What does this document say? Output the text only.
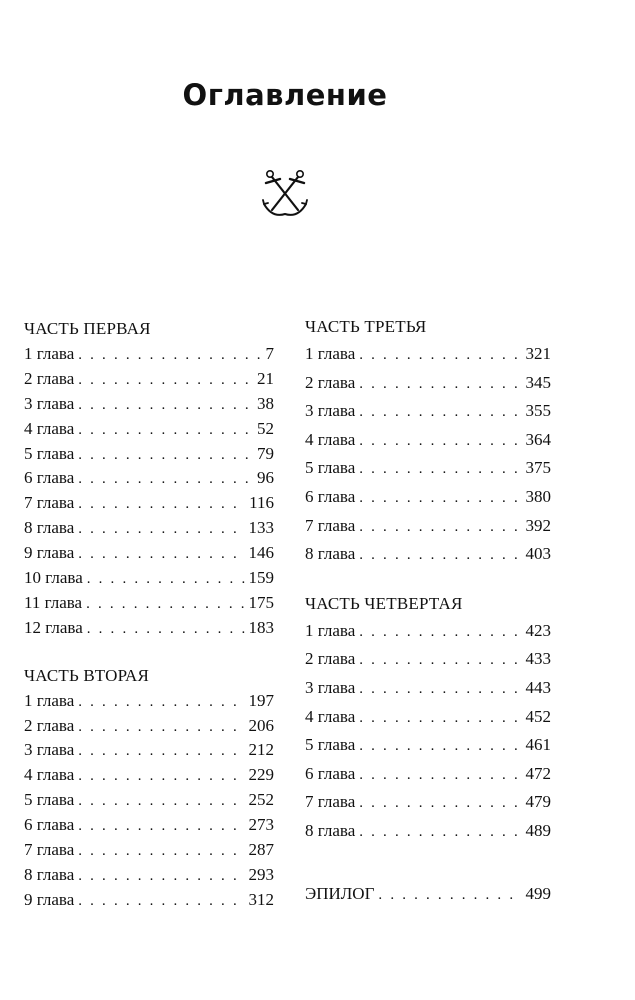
Оглавление
ЧАСТЬ ПЕРВАЯ
1 глава . . .	7
2 глава . . .	21
3 глава . . .	38
4 глава . . .	52
5 глава . . .	79
6 глава . . .	96
7 глава . . .	116
8 глава . . .	133
9 глава . . .	146
10 глава . . .	159
11 глава . . .	175
12 глава . . .	183
ЧАСТЬ ВТОРАЯ
1 глава . . .	197
2 глава . . .	206
3 глава . . .	212
4 глава . . .	229
5 глава . . .	252
6 глава . . .	273
7 глава . . .	287
8 глава . . .	293
9 глава . . .	312
ЧАСТЬ ТРЕТЬЯ
1 глава . . .	321
2 глава . . .	345
3 глава . . .	355
4 глава . . .	364
5 глава . . .	375
6 глава . . .	380
7 глава . . .	392
8 глава . . .	403
ЧАСТЬ ЧЕТВЕРТАЯ
1 глава . . .	423
2 глава . . .	433
3 глава . . .	443
4 глава . . .	452
5 глава . . .	461
6 глава . . .	472
7 глава . . .	479
8 глава . . .	489
ЭПИЛОГ . . .	499
